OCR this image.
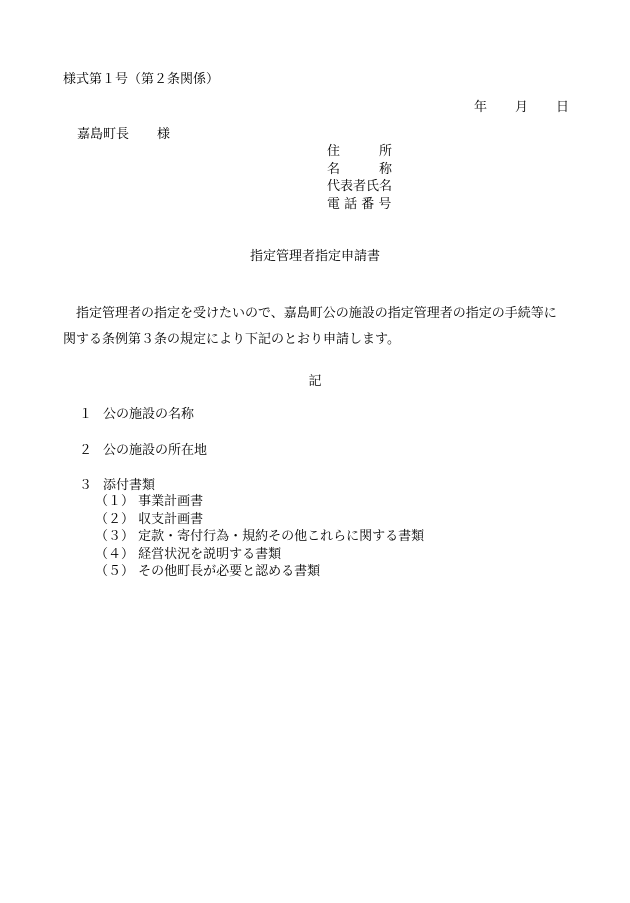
様式第１号（第２条関係）
年 月 日
嘉島町長 様
住　　　所
名　　　称
代表者氏名
電 話 番 号
指定管理者指定申請書
指定管理者の指定を受けたいので、嘉島町公の施設の指定管理者の指定の手続等に
関する条例第３条の規定により下記のとおり申請します。
記
１ 公の施設の名称
２ 公の施設の所在地
３ 添付書類
（１） 事業計画書
（２） 収支計画書
（３） 定款・寄付行為・規約その他これらに関する書類
（４） 経営状況を説明する書類
（５） その他町長が必要と認める書類
